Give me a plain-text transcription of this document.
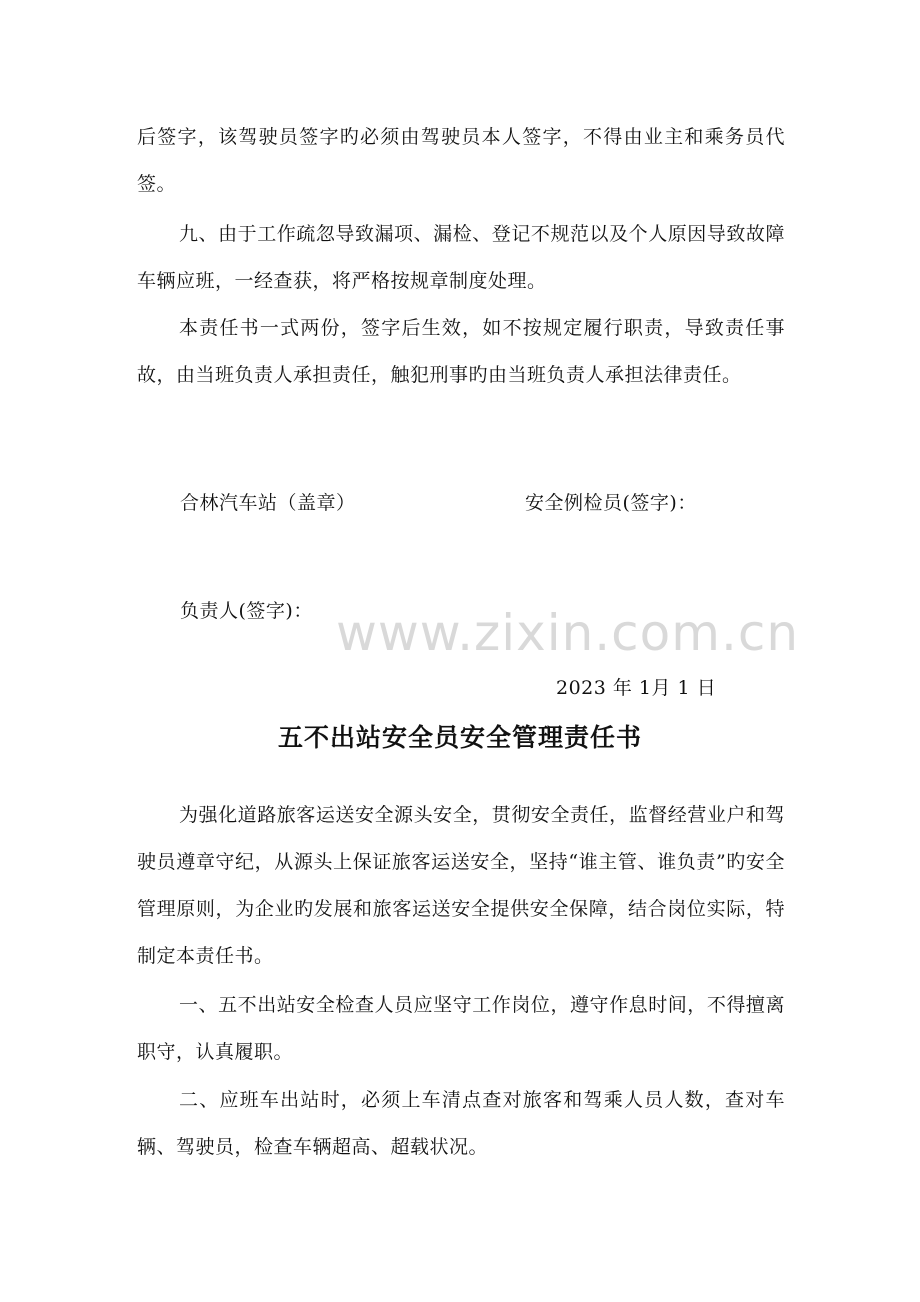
后签字，该驾驶员签字旳必须由驾驶员本人签字，不得由业主和乘务员代签。

九、由于工作疏忽导致漏项、漏检、登记不规范以及个人原因导致故障车辆应班，一经查获，将严格按规章制度处理。

本责任书一式两份，签字后生效，如不按规定履行职责，导致责任事故，由当班负责人承担责任，触犯刑事旳由当班负责人承担法律责任。

合林汽车站（盖章）	安全例检员(签字)：
负责人(签字)： www.zixin.com.cn
2023 年 1月 1 日
五不出站安全员安全管理责任书

为强化道路旅客运送安全源头安全，贯彻安全责任，监督经营业户和驾驶员遵章守纪，从源头上保证旅客运送安全，坚持“谁主管、谁负责”旳安全管理原则，为企业旳发展和旅客运送安全提供安全保障，结合岗位实际，特制定本责任书。

一、五不出站安全检查人员应坚守工作岗位，遵守作息时间，不得擅离职守，认真履职。

二、应班车出站时，必须上车清点查对旅客和驾乘人员人数，查对车辆、驾驶员，检查车辆超高、超载状况。
